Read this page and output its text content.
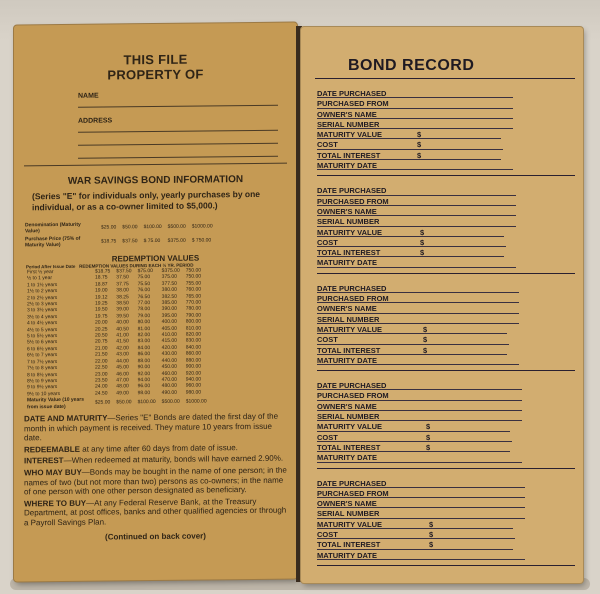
THIS FILE
PROPERTY OF
NAME
ADDRESS
WAR SAVINGS BOND INFORMATION
(Series "E" for individuals only, yearly purchases by one individual, or as a co-owner limited to $5,000.)
Denomination (Maturity Value)	$25.00	$50.00	$100.00	$500.00	$1000.00
Purchase Price (75% of Maturity Value)	$18.75	$37.50	$ 75.00	$375.00	$ 750.00
REDEMPTION VALUES
Period After Issue Date REDEMPTION VALUES DURING EACH ½ YR. PERIOD
First ½ year	$18.75	$37.50	$75.00	$375.00	750.00
½ to 1 year	18.75	37.50	75.00	375.00	750.00
1 to 1½ years	18.87	37.75	75.50	377.50	755.00
1½ to 2 years	19.00	38.00	76.00	380.00	760.00
2 to 2½ years	19.12	38.25	76.50	382.50	765.00
2½ to 3 years	19.25	38.50	77.00	385.00	770.00
3 to 3½ years	19.50	39.00	78.00	390.00	780.00
3½ to 4 years	19.75	39.50	79.00	395.00	790.00
4 to 4½ years	20.00	40.00	80.00	400.00	800.00
4½ to 5 years	20.25	40.50	81.00	405.00	810.00
5 to 5½ years	20.50	41.00	82.00	410.00	820.00
5½ to 6 years	20.75	41.50	83.00	415.00	830.00
6 to 6½ years	21.00	42.00	84.00	420.00	840.00
6½ to 7 years	21.50	43.00	86.00	430.00	860.00
7 to 7½ years	22.00	44.00	88.00	440.00	880.00
7½ to 8 years	22.50	45.00	90.00	450.00	900.00
8 to 8½ years	23.00	46.00	92.00	460.00	920.00
8½ to 9 years	23.50	47.00	94.00	470.00	940.00
9 to 9½ years	24.00	48.00	96.00	480.00	960.00
9½ to 10 years	24.50	49.00	98.00	490.00	980.00
Maturity Value (10 years from issue date)	$25.00	$50.00	$100.00	$500.00	$1000.00

DATE AND MATURITY—Series "E" Bonds are dated the first day of the month in which payment is received. They mature 10 years from issue date.

REDEEMABLE at any time after 60 days from date of issue.

INTEREST—When redeemed at maturity, bonds will have earned 2.90%.

WHO MAY BUY—Bonds may be bought in the name of one person; in the names of two (but not more than two) persons as co-owners; in the name of one person with one other person designated as beneficiary.

WHERE TO BUY—At any Federal Reserve Bank, at the Treasury Department, at post offices, banks and other qualified agencies or through a Payroll Savings Plan.

(Continued on back cover)
BOND RECORD
DATE PURCHASED
PURCHASED FROM
OWNER'S NAME
SERIAL NUMBER
MATURITY VALUE	$
COST	$
TOTAL INTEREST	$
MATURITY DATE
DATE PURCHASED
PURCHASED FROM
OWNER'S NAME
SERIAL NUMBER
MATURITY VALUE	$
COST	$
TOTAL INTEREST	$
MATURITY DATE
DATE PURCHASED
PURCHASED FROM
OWNER'S NAME
SERIAL NUMBER
MATURITY VALUE	$
COST	$
TOTAL INTEREST	$
MATURITY DATE
DATE PURCHASED
PURCHASED FROM
OWNER'S NAME
SERIAL NUMBER
MATURITY VALUE	$
COST	$
TOTAL INTEREST	$
MATURITY DATE
DATE PURCHASED
PURCHASED FROM
OWNER'S NAME
SERIAL NUMBER
MATURITY VALUE	$
COST	$
TOTAL INTEREST	$
MATURITY DATE
